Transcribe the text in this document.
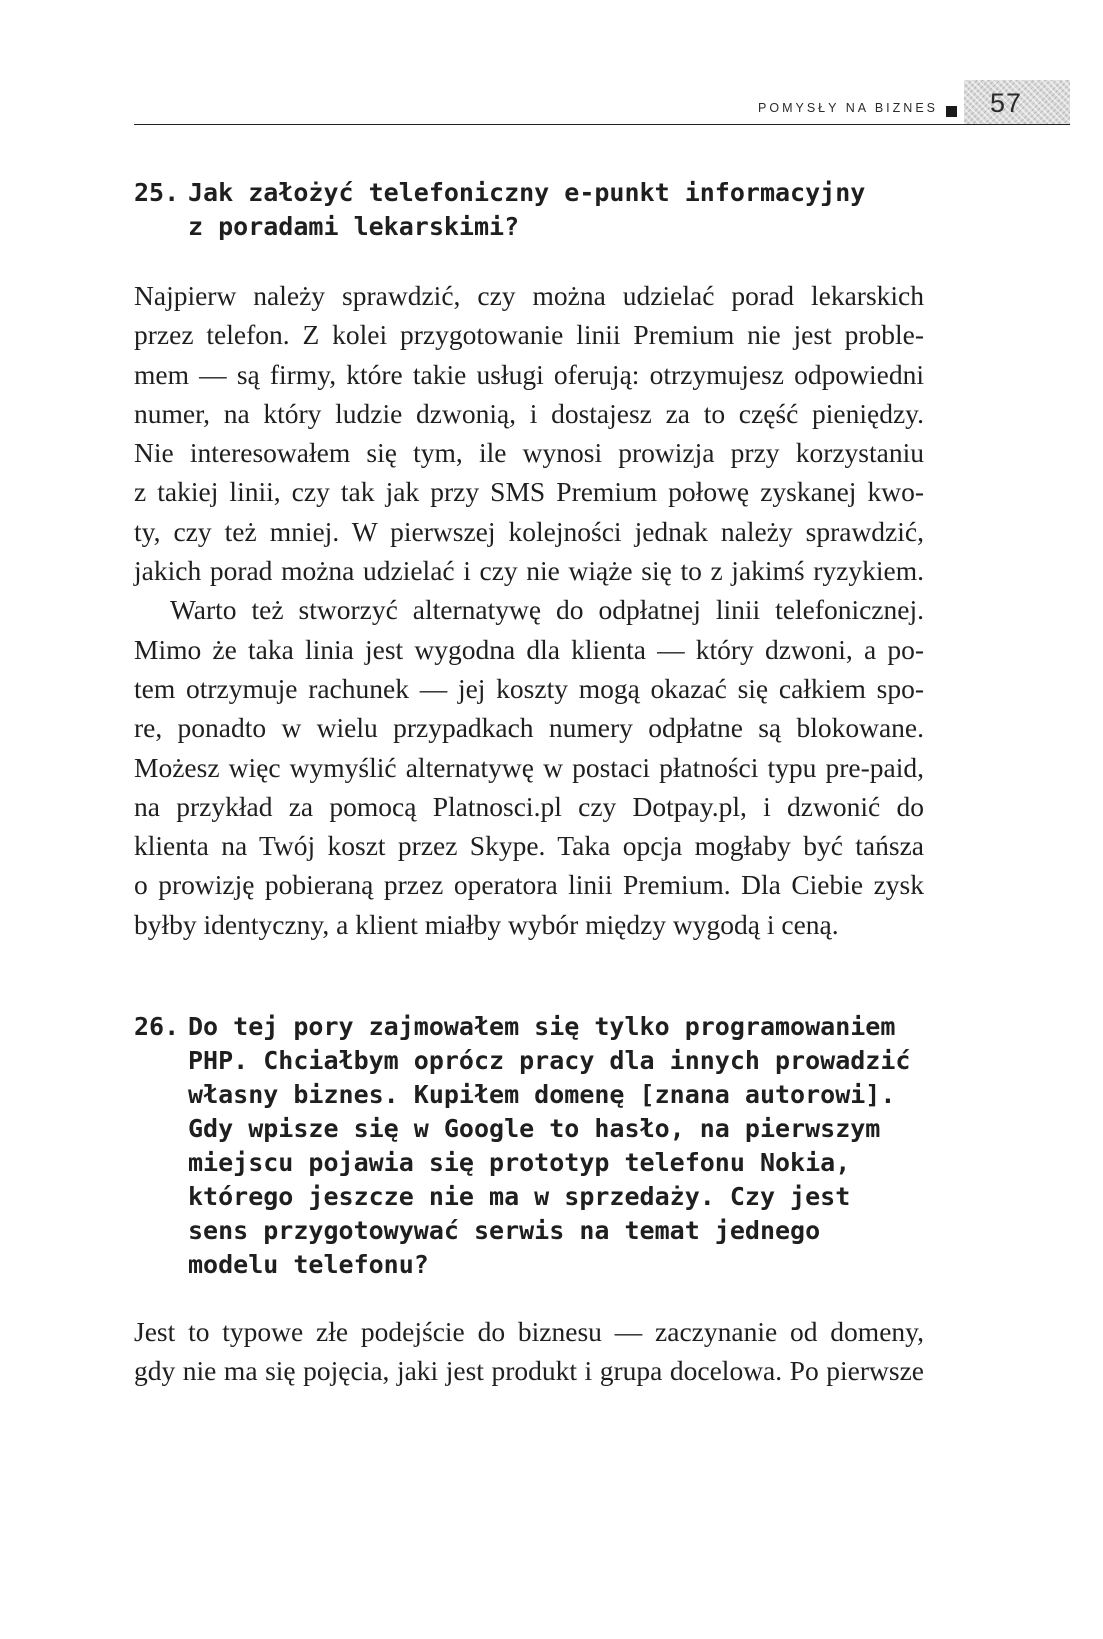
POMYSŁY NA BIZNES 57
25. Jak założyć telefoniczny e-punkt informacyjny
z poradami lekarskimi?

Najpierw należy sprawdzić, czy można udzielać porad lekarskich
przez telefon. Z kolei przygotowanie linii Premium nie jest proble-
mem — są firmy, które takie usługi oferują: otrzymujesz odpowiedni
numer, na który ludzie dzwonią, i dostajesz za to część pieniędzy.
Nie interesowałem się tym, ile wynosi prowizja przy korzystaniu
z takiej linii, czy tak jak przy SMS Premium połowę zyskanej kwo-
ty, czy też mniej. W pierwszej kolejności jednak należy sprawdzić,
jakich porad można udzielać i czy nie wiąże się to z jakimś ryzykiem.

Warto też stworzyć alternatywę do odpłatnej linii telefonicznej.
Mimo że taka linia jest wygodna dla klienta — który dzwoni, a po-
tem otrzymuje rachunek — jej koszty mogą okazać się całkiem spo-
re, ponadto w wielu przypadkach numery odpłatne są blokowane.
Możesz więc wymyślić alternatywę w postaci płatności typu pre-paid,
na przykład za pomocą Platnosci.pl czy Dotpay.pl, i dzwonić do
klienta na Twój koszt przez Skype. Taka opcja mogłaby być tańsza
o prowizję pobieraną przez operatora linii Premium. Dla Ciebie zysk
byłby identyczny, a klient miałby wybór między wygodą i ceną.

26. Do tej pory zajmowałem się tylko programowaniem
PHP. Chciałbym oprócz pracy dla innych prowadzić
własny biznes. Kupiłem domenę [znana autorowi].
Gdy wpisze się w Google to hasło, na pierwszym
miejscu pojawia się prototyp telefonu Nokia,
którego jeszcze nie ma w sprzedaży. Czy jest
sens przygotowywać serwis na temat jednego
modelu telefonu?

Jest to typowe złe podejście do biznesu — zaczynanie od domeny,
gdy nie ma się pojęcia, jaki jest produkt i grupa docelowa. Po pierwsze
